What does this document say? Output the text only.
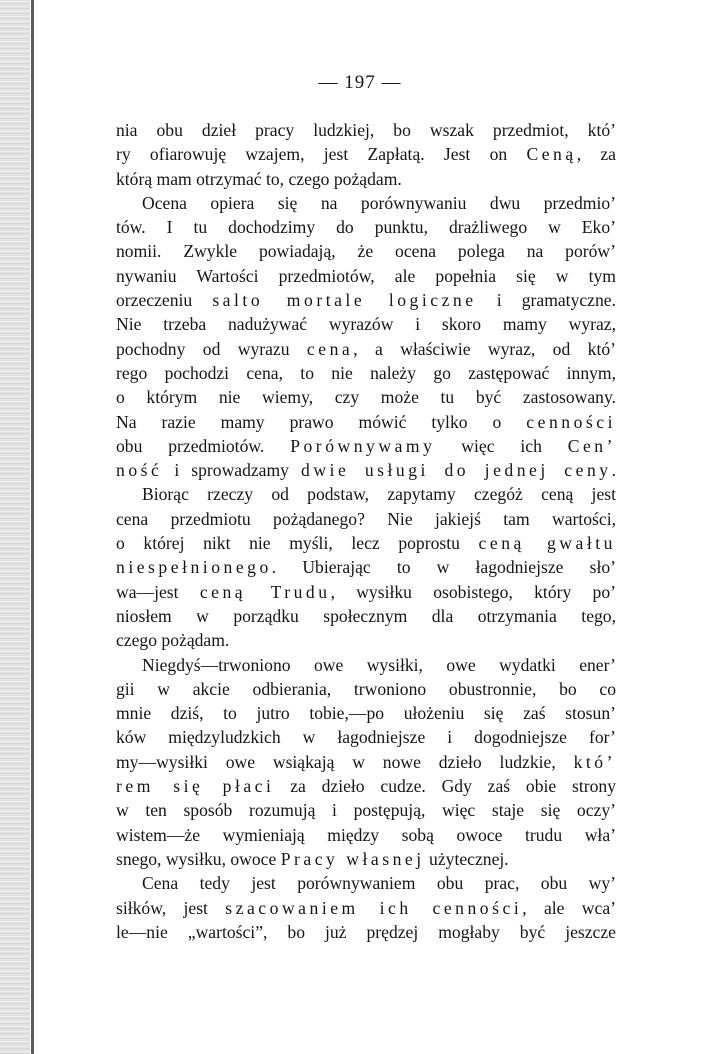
— 197 —
nia obu dzieł pracy ludzkiej, bo wszak przedmiot, któ’
ry ofiarowuję wzajem, jest Zapłatą. Jest on Ceną, za
którą mam otrzymać to, czego pożądam.
Ocena opiera się na porównywaniu dwu przedmio’
tów. I tu dochodzimy do punktu, drażliwego w Eko’
nomii. Zwykle powiadają, że ocena polega na porów’
nywaniu Wartości przedmiotów, ale popełnia się w tym
orzeczeniu salto mortale logiczne i gramatyczne.
Nie trzeba nadużywać wyrazów i skoro mamy wyraz,
pochodny od wyrazu cena, a właściwie wyraz, od któ’
rego pochodzi cena, to nie należy go zastępować innym,
o którym nie wiemy, czy może tu być zastosowany.
Na razie mamy prawo mówić tylko o cenności
obu przedmiotów. Porównywamy więc ich Cen’
ność i sprowadzamy dwie usługi do jednej ceny.
Biorąc rzeczy od podstaw, zapytamy czegóż ceną jest
cena przedmiotu pożądanego? Nie jakiejś tam wartości,
o której nikt nie myśli, lecz poprostu ceną gwałtu
niespełnionego. Ubierając to w łagodniejsze sło’
wa—jest ceną Trudu, wysiłku osobistego, który po’
niosłem w porządku społecznym dla otrzymania tego,
czego pożądam.
Niegdyś—trwoniono owe wysiłki, owe wydatki ener’
gii w akcie odbierania, trwoniono obustronnie, bo co
mnie dziś, to jutro tobie,—po ułożeniu się zaś stosun’
ków międzyludzkich w łagodniejsze i dogodniejsze for’
my—wysiłki owe wsiąkają w nowe dzieło ludzkie, któ’
rem się płaci za dzieło cudze. Gdy zaś obie strony
w ten sposób rozumują i postępują, więc staje się oczy’
wistem—że wymieniają między sobą owoce trudu wła’
snego, wysiłku, owoce Pracy własnej użytecznej.
Cena tedy jest porównywaniem obu prac, obu wy’
siłków, jest szacowaniem ich cenności, ale wca’
le—nie „wartości”, bo już prędzej mogłaby być jeszcze
